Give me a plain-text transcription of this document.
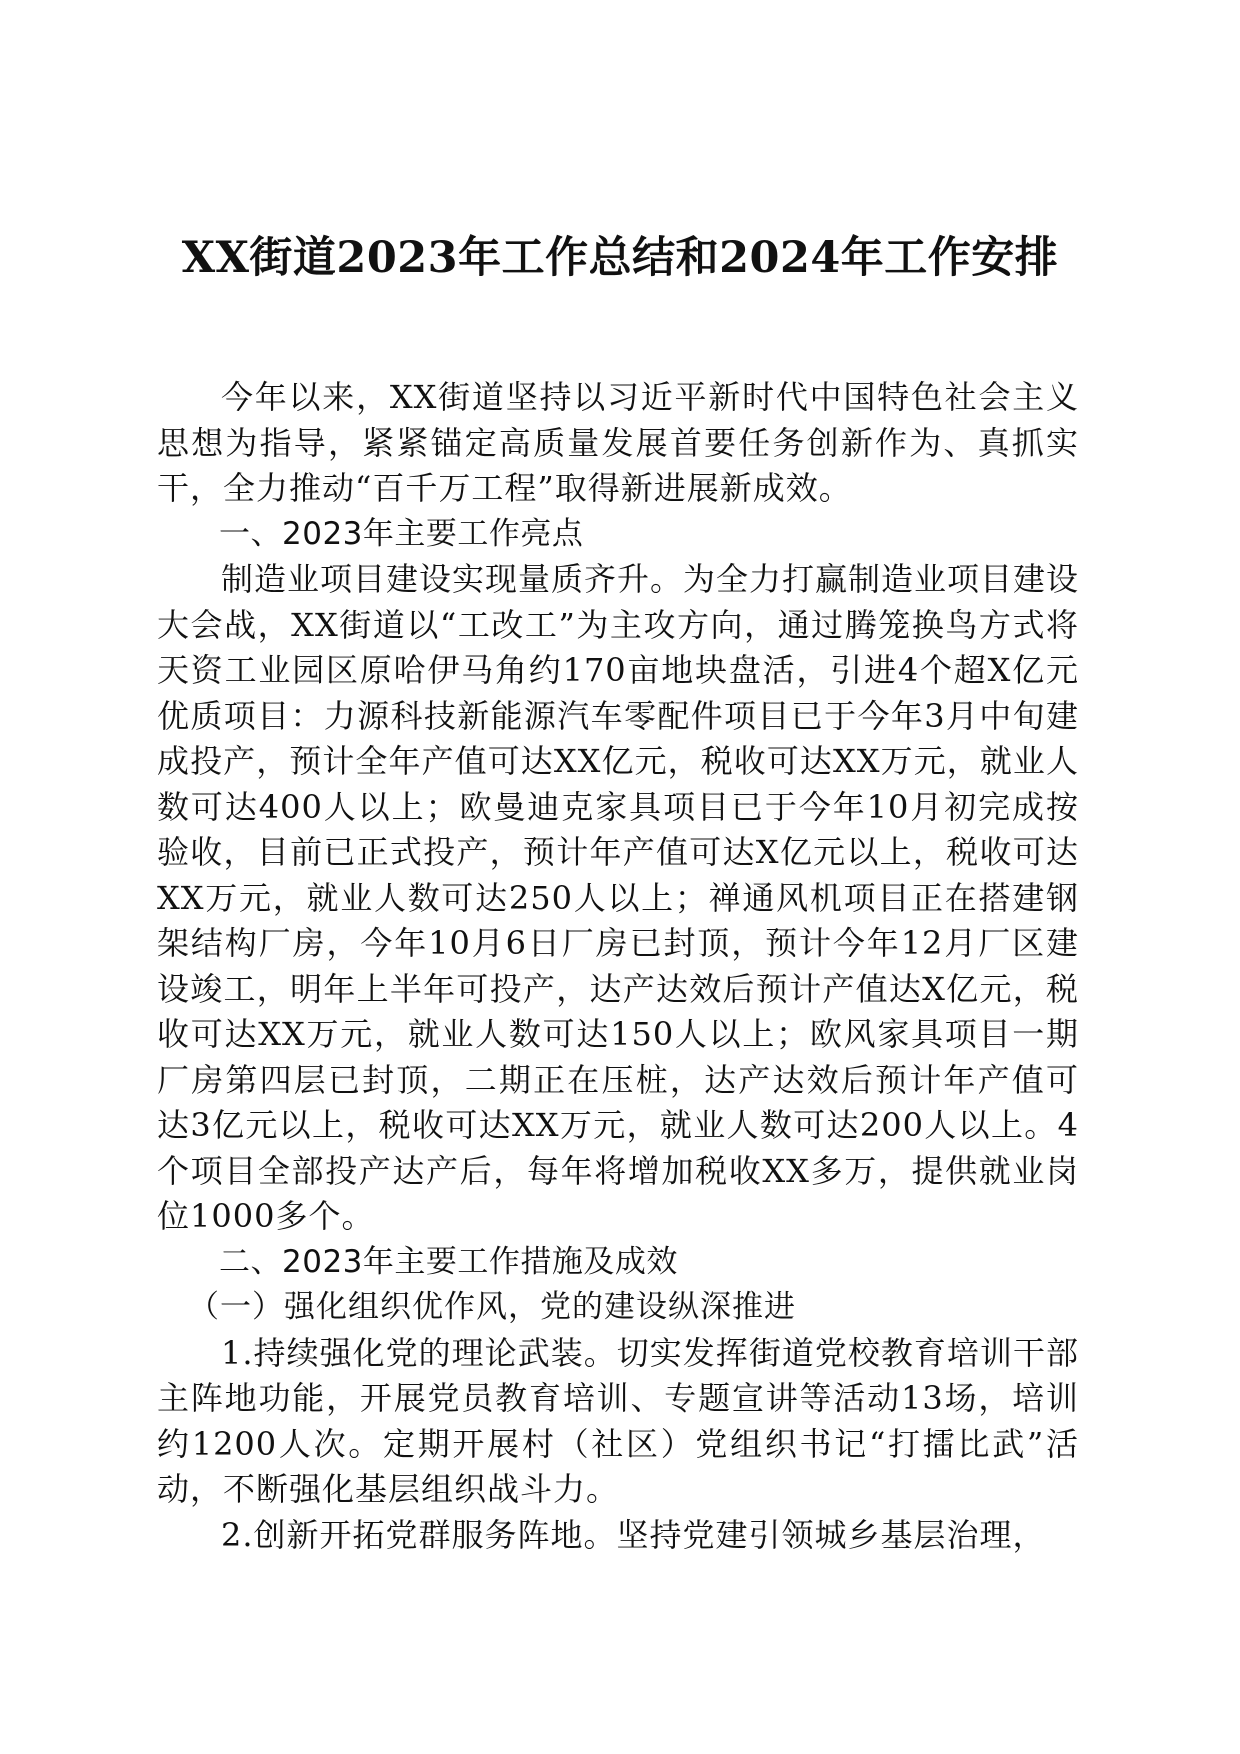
XX街道2023年工作总结和2024年工作安排

今年以来，XX街道坚持以习近平新时代中国特色社会主义思想为指导，紧紧锚定高质量发展首要任务创新作为、真抓实干，全力推动“百千万工程”取得新进展新成效。

一、2023年主要工作亮点

制造业项目建设实现量质齐升。为全力打赢制造业项目建设大会战，XX街道以“工改工”为主攻方向，通过腾笼换鸟方式将天资工业园区原哈伊马角约170亩地块盘活，引进4个超X亿元优质项目：力源科技新能源汽车零配件项目已于今年3月中旬建成投产，预计全年产值可达XX亿元，税收可达XX万元，就业人数可达400人以上；欧曼迪克家具项目已于今年10月初完成按验收，目前已正式投产，预计年产值可达X亿元以上，税收可达XX万元，就业人数可达250人以上；禅通风机项目正在搭建钢架结构厂房，今年10月6日厂房已封顶，预计今年12月厂区建设竣工，明年上半年可投产，达产达效后预计产值达X亿元，税收可达XX万元，就业人数可达150人以上；欧风家具项目一期厂房第四层已封顶，二期正在压桩，达产达效后预计年产值可达3亿元以上，税收可达XX万元，就业人数可达200人以上。4个项目全部投产达产后，每年将增加税收XX多万，提供就业岗位1000多个。

二、2023年主要工作措施及成效

（一）强化组织优作风，党的建设纵深推进

1.持续强化党的理论武装。切实发挥街道党校教育培训干部主阵地功能，开展党员教育培训、专题宣讲等活动13场，培训约1200人次。定期开展村（社区）党组织书记“打擂比武”活动，不断强化基层组织战斗力。

2.创新开拓党群服务阵地。坚持党建引领城乡基层治理，
